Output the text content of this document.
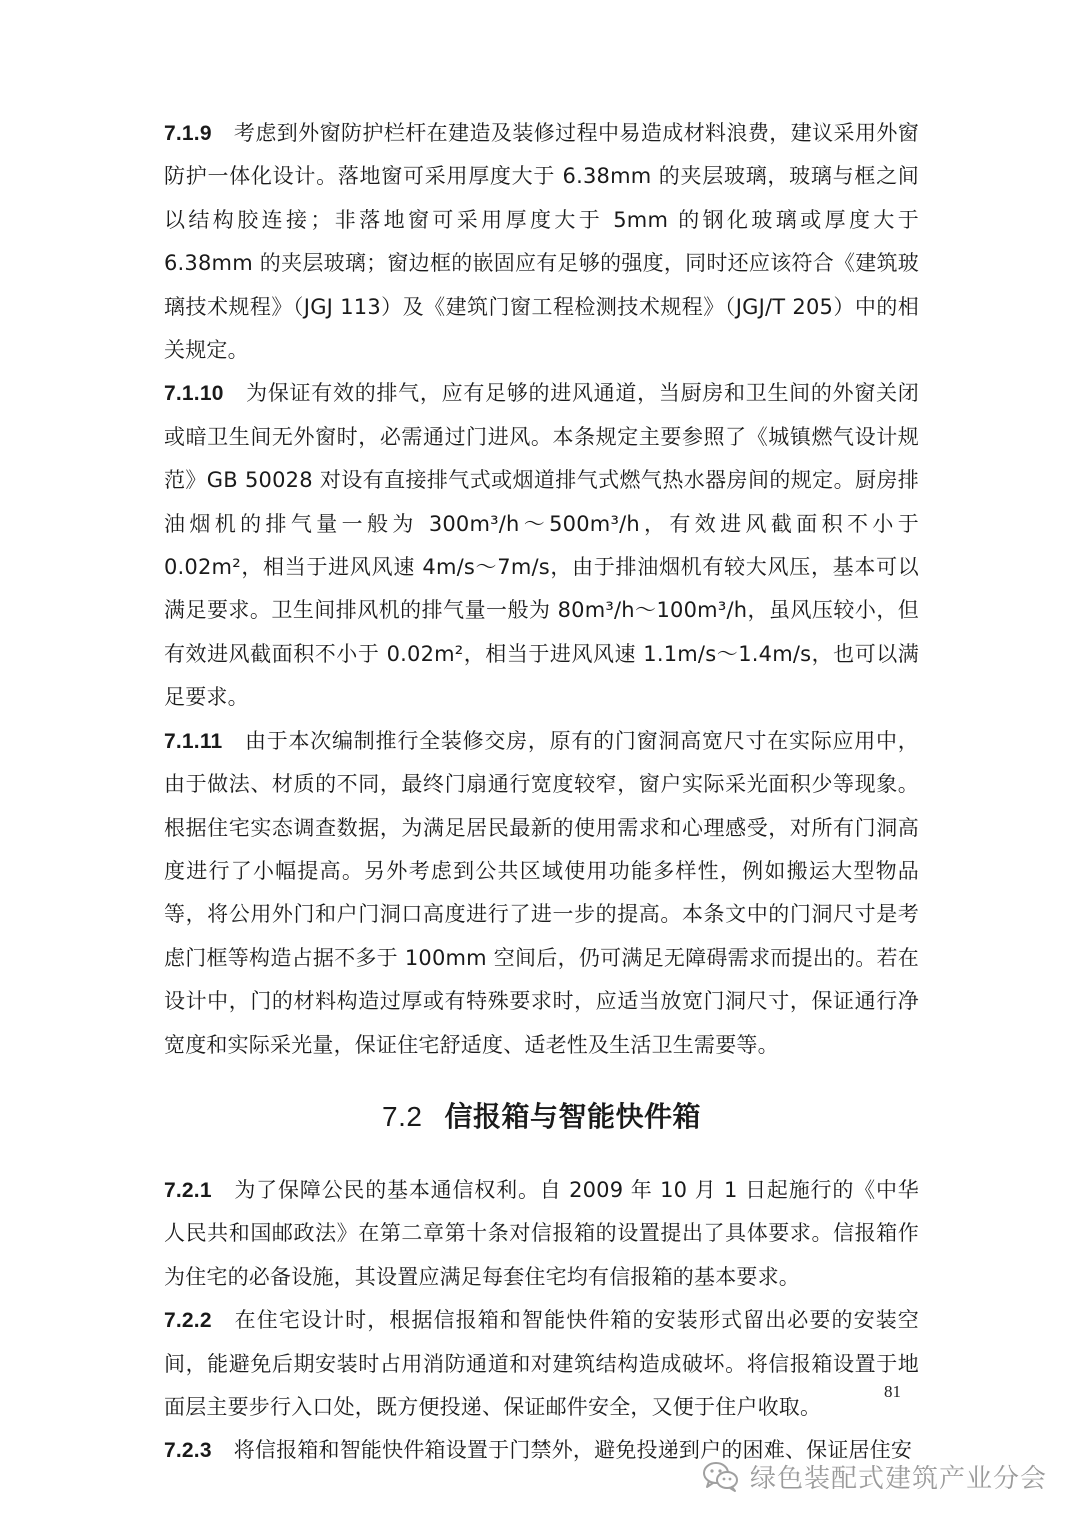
7.1.9 考虑到外窗防护栏杆在建造及装修过程中易造成材料浪费，建议采用外窗防护一体化设计。落地窗可采用厚度大于 6.38mm 的夹层玻璃，玻璃与框之间以结构胶连接；非落地窗可采用厚度大于 5mm 的钢化玻璃或厚度大于 6.38mm 的夹层玻璃；窗边框的嵌固应有足够的强度，同时还应该符合《建筑玻璃技术规程》（JGJ 113）及《建筑门窗工程检测技术规程》（JGJ/T 205）中的相关规定。

7.1.10 为保证有效的排气，应有足够的进风通道，当厨房和卫生间的外窗关闭或暗卫生间无外窗时，必需通过门进风。本条规定主要参照了《城镇燃气设计规范》GB 50028 对设有直接排气式或烟道排气式燃气热水器房间的规定。厨房排油烟机的排气量一般为 300m³/h～500m³/h，有效进风截面积不小于 0.02m²，相当于进风风速 4m/s～7m/s，由于排油烟机有较大风压，基本可以满足要求。卫生间排风机的排气量一般为 80m³/h～100m³/h，虽风压较小，但有效进风截面积不小于 0.02m²，相当于进风风速 1.1m/s～1.4m/s，也可以满足要求。

7.1.11 由于本次编制推行全装修交房，原有的门窗洞高宽尺寸在实际应用中，由于做法、材质的不同，最终门扇通行宽度较窄，窗户实际采光面积少等现象。根据住宅实态调查数据，为满足居民最新的使用需求和心理感受，对所有门洞高度进行了小幅提高。另外考虑到公共区域使用功能多样性，例如搬运大型物品等，将公用外门和户门洞口高度进行了进一步的提高。本条文中的门洞尺寸是考虑门框等构造占据不多于 100mm 空间后，仍可满足无障碍需求而提出的。若在设计中，门的材料构造过厚或有特殊要求时，应适当放宽门洞尺寸，保证通行净宽度和实际采光量，保证住宅舒适度、适老性及生活卫生需要等。

7.2 信报箱与智能快件箱

7.2.1 为了保障公民的基本通信权利。自 2009 年 10 月 1 日起施行的《中华人民共和国邮政法》在第二章第十条对信报箱的设置提出了具体要求。信报箱作为住宅的必备设施，其设置应满足每套住宅均有信报箱的基本要求。

7.2.2 在住宅设计时，根据信报箱和智能快件箱的安装形式留出必要的安装空间，能避免后期安装时占用消防通道和对建筑结构造成破坏。将信报箱设置于地面层主要步行入口处，既方便投递、保证邮件安全，又便于住户收取。

7.2.3 将信报箱和智能快件箱设置于门禁外，避免投递到户的困难、保证居住安

81
绿色装配式建筑产业分会
